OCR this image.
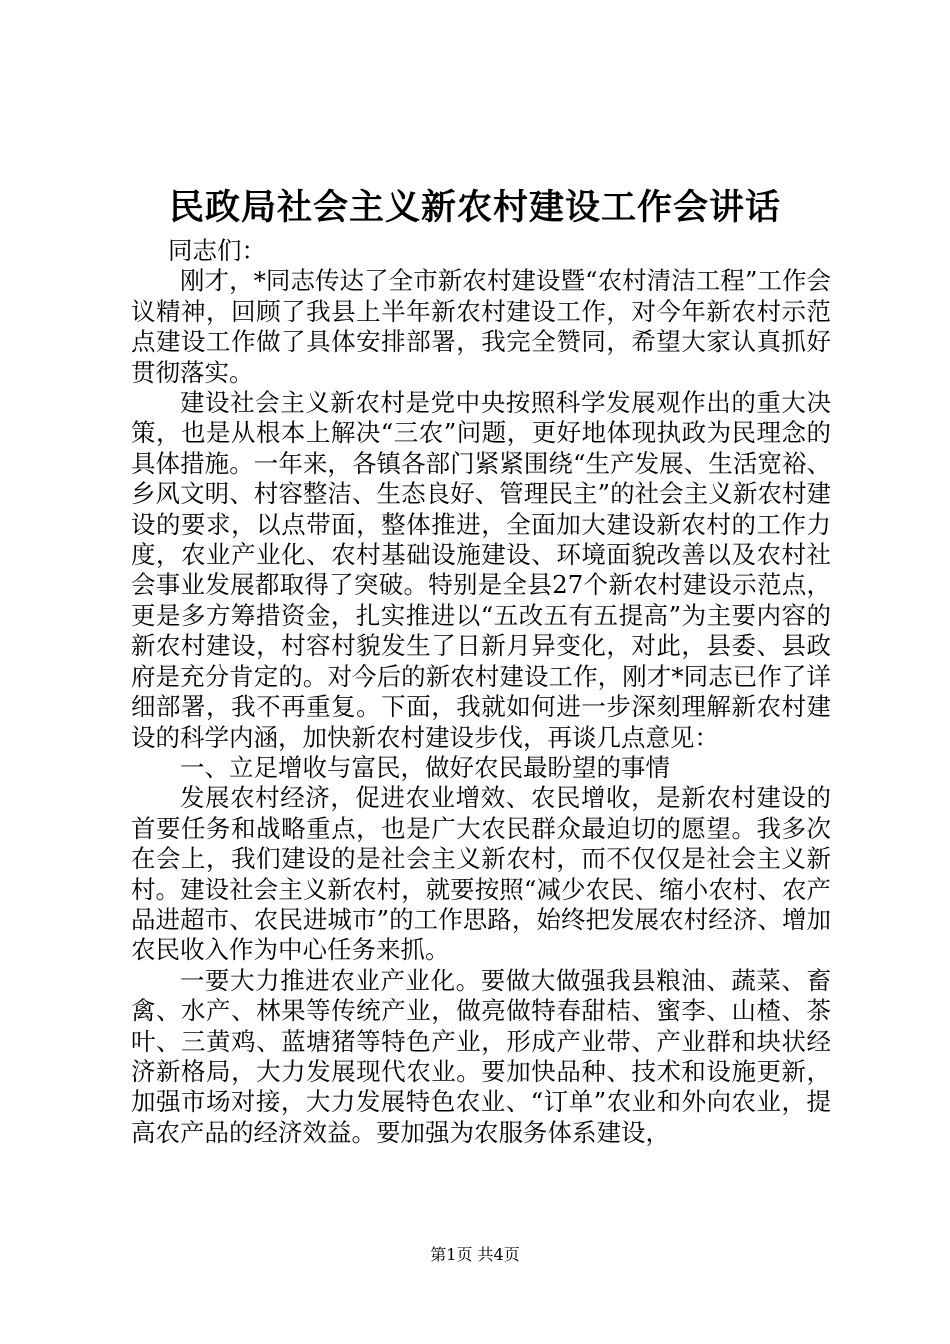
民政局社会主义新农村建设工作会讲话

同志们：

刚才，*同志传达了全市新农村建设暨“农村清洁工程”工作会议精神，回顾了我县上半年新农村建设工作，对今年新农村示范点建设工作做了具体安排部署，我完全赞同，希望大家认真抓好贯彻落实。

建设社会主义新农村是党中央按照科学发展观作出的重大决策，也是从根本上解决“三农”问题，更好地体现执政为民理念的具体措施。一年来，各镇各部门紧紧围绕“生产发展、生活宽裕、乡风文明、村容整洁、生态良好、管理民主”的社会主义新农村建设的要求，以点带面，整体推进，全面加大建设新农村的工作力度，农业产业化、农村基础设施建设、环境面貌改善以及农村社会事业发展都取得了突破。特别是全县27个新农村建设示范点，更是多方筹措资金，扎实推进以“五改五有五提高”为主要内容的新农村建设，村容村貌发生了日新月异变化，对此，县委、县政府是充分肯定的。对今后的新农村建设工作，刚才*同志已作了详细部署，我不再重复。下面，我就如何进一步深刻理解新农村建设的科学内涵，加快新农村建设步伐，再谈几点意见：

一、立足增收与富民，做好农民最盼望的事情

发展农村经济，促进农业增效、农民增收，是新农村建设的首要任务和战略重点，也是广大农民群众最迫切的愿望。我多次在会上，我们建设的是社会主义新农村，而不仅仅是社会主义新村。建设社会主义新农村，就要按照“减少农民、缩小农村、农产品进超市、农民进城市”的工作思路，始终把发展农村经济、增加农民收入作为中心任务来抓。

一要大力推进农业产业化。要做大做强我县粮油、蔬菜、畜禽、水产、林果等传统产业，做亮做特春甜桔、蜜李、山楂、茶叶、三黄鸡、蓝塘猪等特色产业，形成产业带、产业群和块状经济新格局，大力发展现代农业。要加快品种、技术和设施更新，加强市场对接，大力发展特色农业、“订单”农业和外向农业，提高农产品的经济效益。要加强为农服务体系建设，

第1页 共4页
